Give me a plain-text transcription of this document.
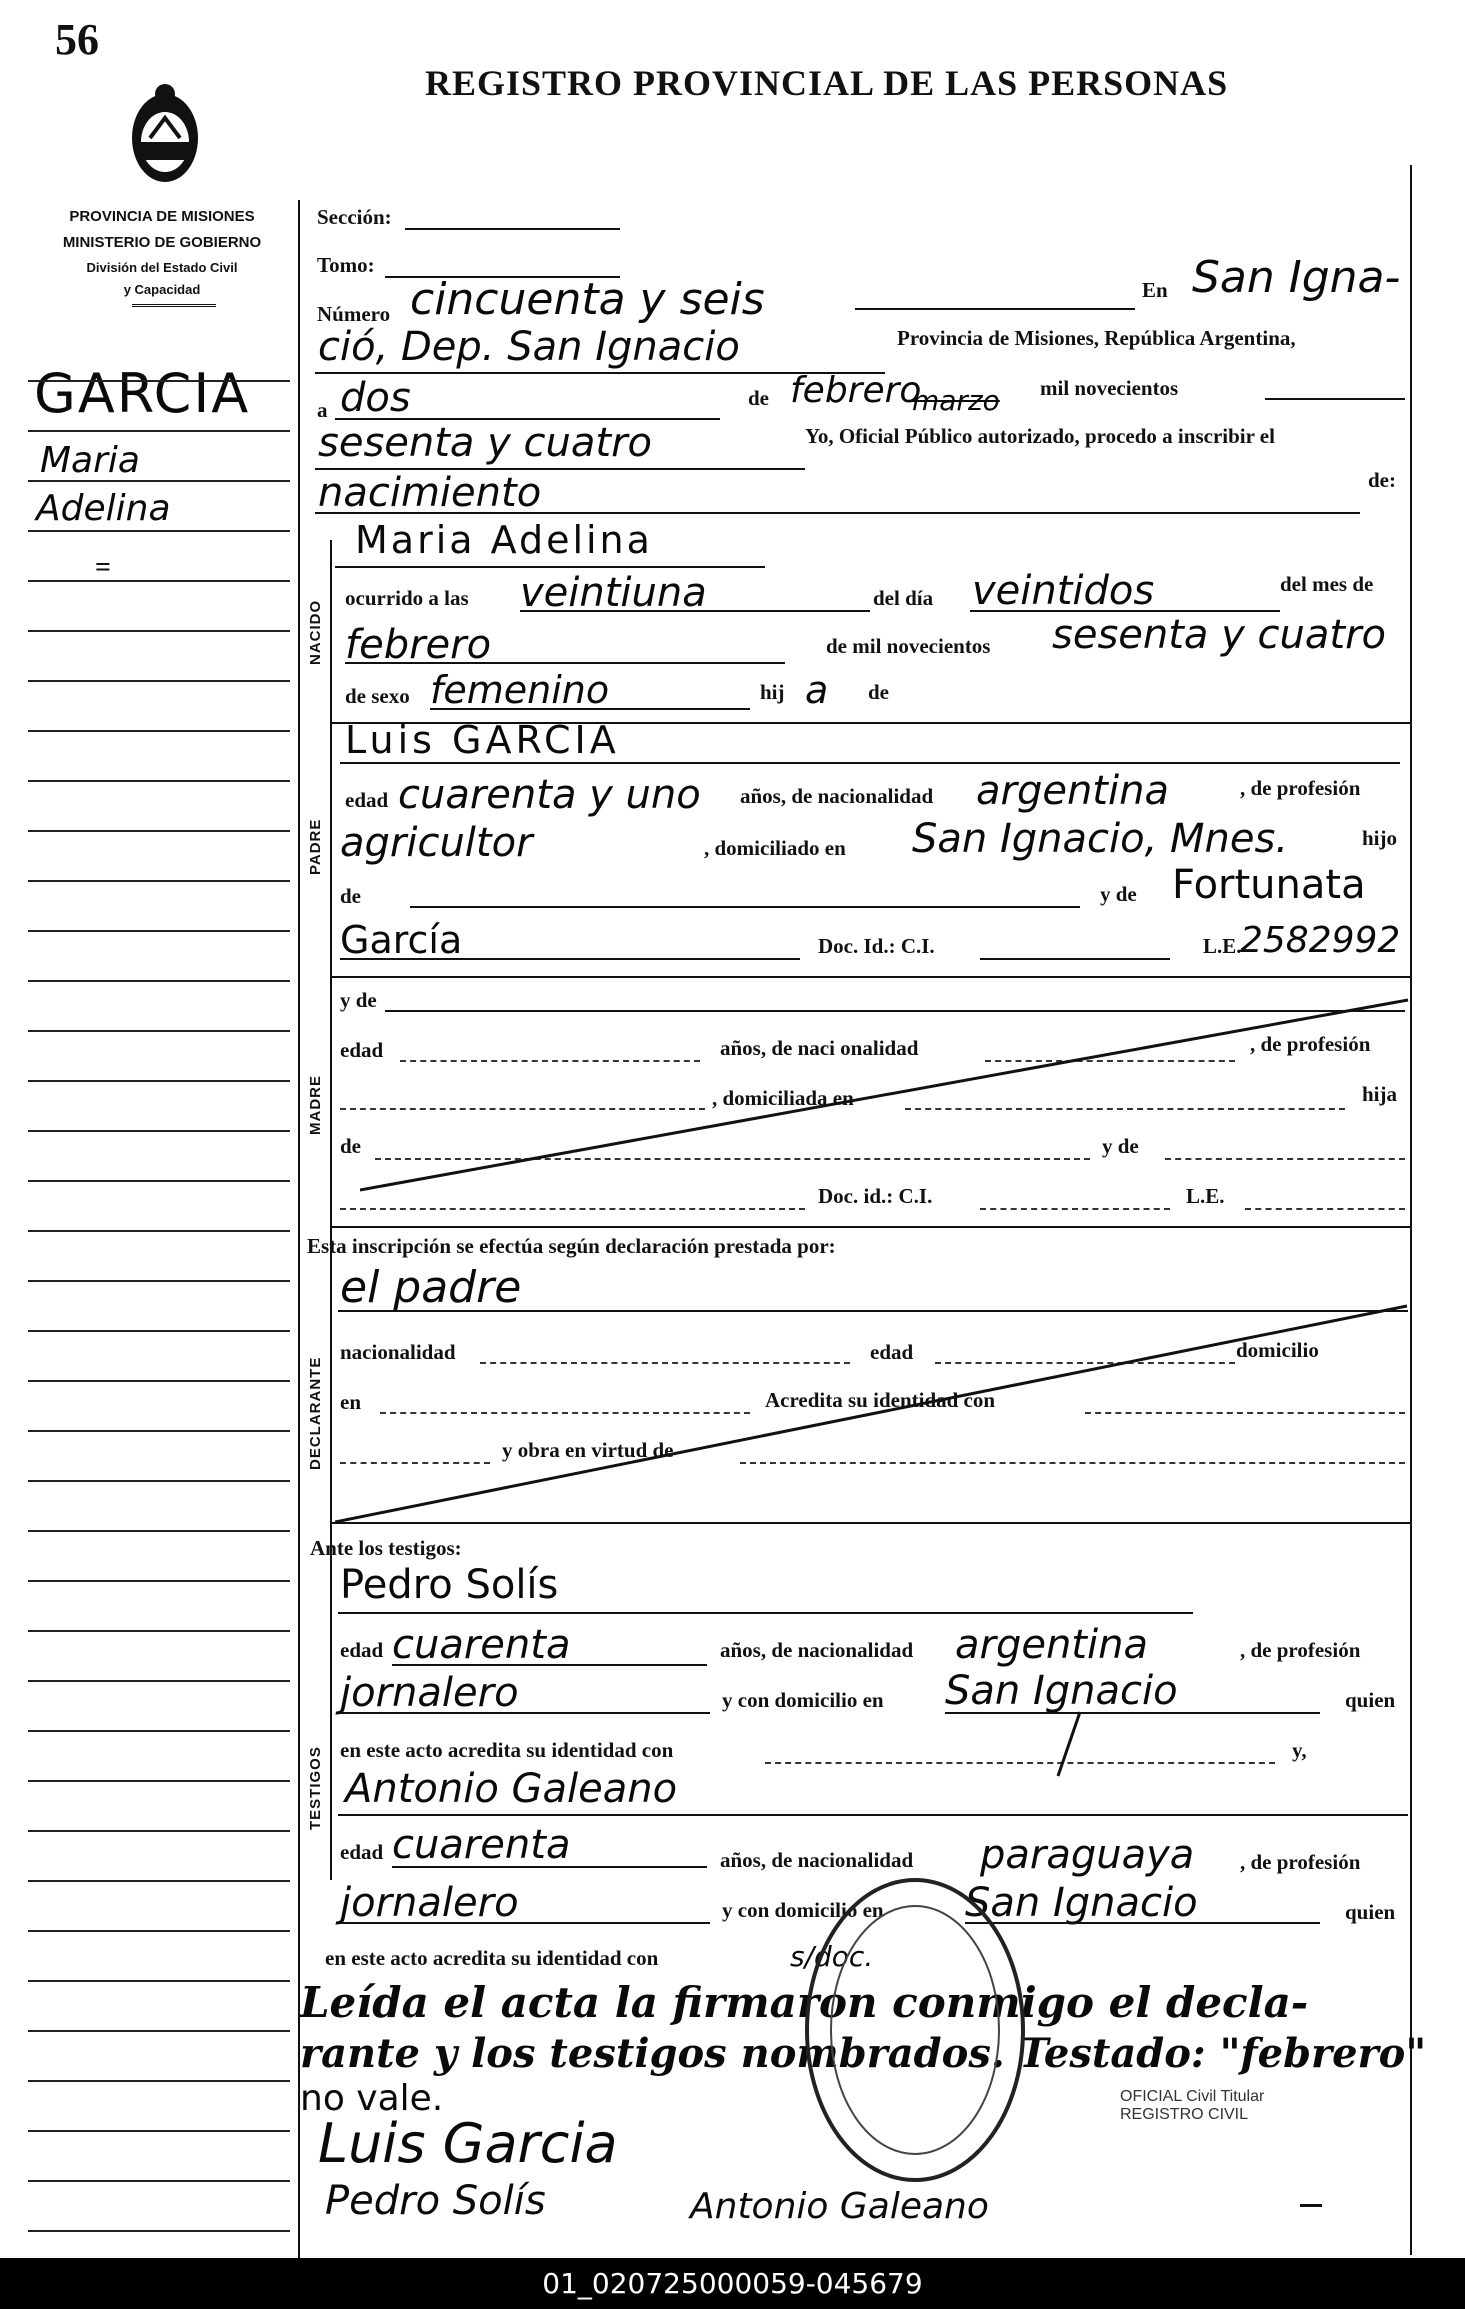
56
REGISTRO PROVINCIAL DE LAS PERSONAS
PROVINCIA DE MISIONES
MINISTERIO DE GOBIERNO
División del Estado Civil
y Capacidad
GARCIA
Maria
Adelina
=
Sección:
Tomo:
Número cincuenta y seis	En San Igna-
ció, Dep. San Ignacio	Provincia de Misiones, República Argentina,
a dos	de febrero
marzo mil novecientos
sesenta y cuatro	Yo, Oficial Público autorizado, procedo a inscribir el
nacimiento	de:
NACIDO
Maria Adelina
ocurrido a las veintiuna	del día veintidos	del mes de
febrero	de mil novecientos sesenta y cuatro
de sexo femenino	hij a de
PADRE
Luis GARCIA
edad cuarenta y uno años, de nacionalidad argentina	, de profesión
agricultor	, domiciliado en San Ignacio, Mnes.	hijo
de	y de Fortunata
García	Doc. Id.: C.I.	L.E.
2582992
MADRE
y de
edad	años, de naci onalidad	, de profesión
, domiciliada en	hija
de	y de
Doc. id.: C.I.	L.E.
Esta inscripción se efectúa según declaración prestada por:
DECLARANTE
el padre
nacionalidad	edad	domicilio
en	Acredita su identidad con
y obra en virtud de
Ante los testigos:
TESTIGOS
Pedro Solís
edad cuarenta	años, de nacionalidad argentina	, de profesión
jornalero	y con domicilio en San Ignacio	quien
en este acto acredita su identidad con	y,
Antonio Galeano
edad cuarenta	años, de nacionalidad paraguaya , de profesión
jornalero	y con domicilio en San Ignacio	quien
en este acto acredita su identidad con	s/doc.
Leída el acta la firmaron conmigo el decla-
rante y los testigos nombrados. Testado: "febrero"
no vale.	OFICIAL Civil Titular REGISTRO CIVIL
Luis Garcia
Pedro Solís	Antonio Galeano
01_020725000059-045679
